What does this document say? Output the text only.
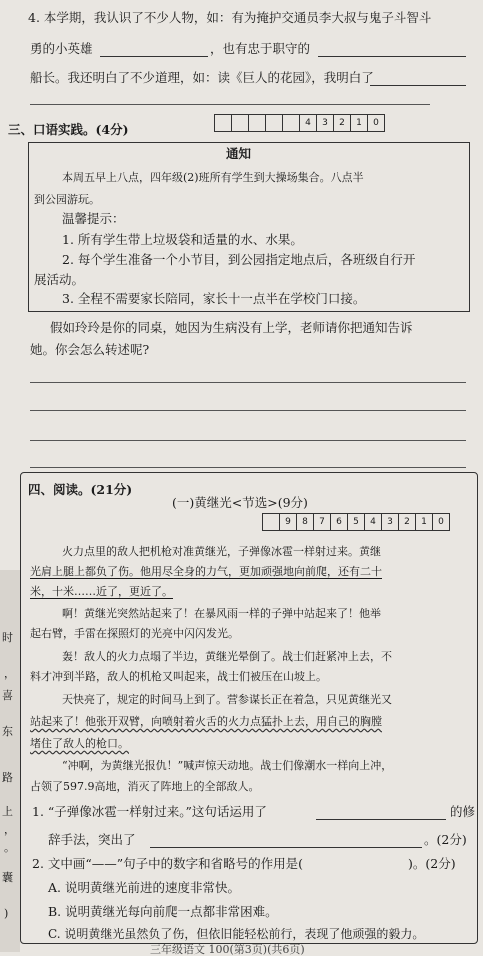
时
，
喜
东
路
上
，
。
囊
)
4. 本学期，我认识了不少人物，如：有为掩护交通员李大叔与鬼子斗智斗
勇的小英雄	，也有忠于职守的
船长。我还明白了不少道理，如：读《巨人的花园》，我明白了
三、口语实践。(4分)	4	3	2	1	0
通知
本周五早上八点，四年级(2)班所有学生到大操场集合。八点半
到公园游玩。
温馨提示：
1. 所有学生带上垃圾袋和适量的水、水果。
2. 每个学生准备一个小节目，到公园指定地点后，各班级自行开
展活动。
3. 全程不需要家长陪同，家长十一点半在学校门口接。
假如玲玲是你的同桌，她因为生病没有上学，老师请你把通知告诉
她。你会怎么转述呢?
四、阅读。(21分)
(一)黄继光<节选>(9分)
9	8	7	6	5	4	3	2	1	0
火力点里的敌人把机枪对准黄继光，子弹像冰雹一样射过来。黄继
光肩上腿上都负了伤。他用尽全身的力气，更加顽强地向前爬，还有二十
米，十米……近了，更近了。
啊！黄继光突然站起来了！在暴风雨一样的子弹中站起来了！他举
起右臂，手雷在探照灯的光亮中闪闪发光。
轰！敌人的火力点塌了半边，黄继光晕倒了。战士们赶紧冲上去，不
料才冲到半路，敌人的机枪又叫起来，战士们被压在山坡上。
天快亮了，规定的时间马上到了。营参谋长正在着急，只见黄继光又
站起来了！他张开双臂，向喷射着火舌的火力点猛扑上去，用自己的胸膛
堵住了敌人的枪口。
“冲啊，为黄继光报仇！”喊声惊天动地。战士们像潮水一样向上冲，
占领了597.9高地，消灭了阵地上的全部敌人。
1. “子弹像冰雹一样射过来。”这句话运用了	的修
辞手法，突出了	。(2分)
2. 文中画“——”句子中的数字和省略号的作用是(	)。(2分)
A. 说明黄继光前进的速度非常快。
B. 说明黄继光每向前爬一点都非常困难。
C. 说明黄继光虽然负了伤，但依旧能轻松前行，表现了他顽强的毅力。
三年级语文 100(第3页)(共6页)
